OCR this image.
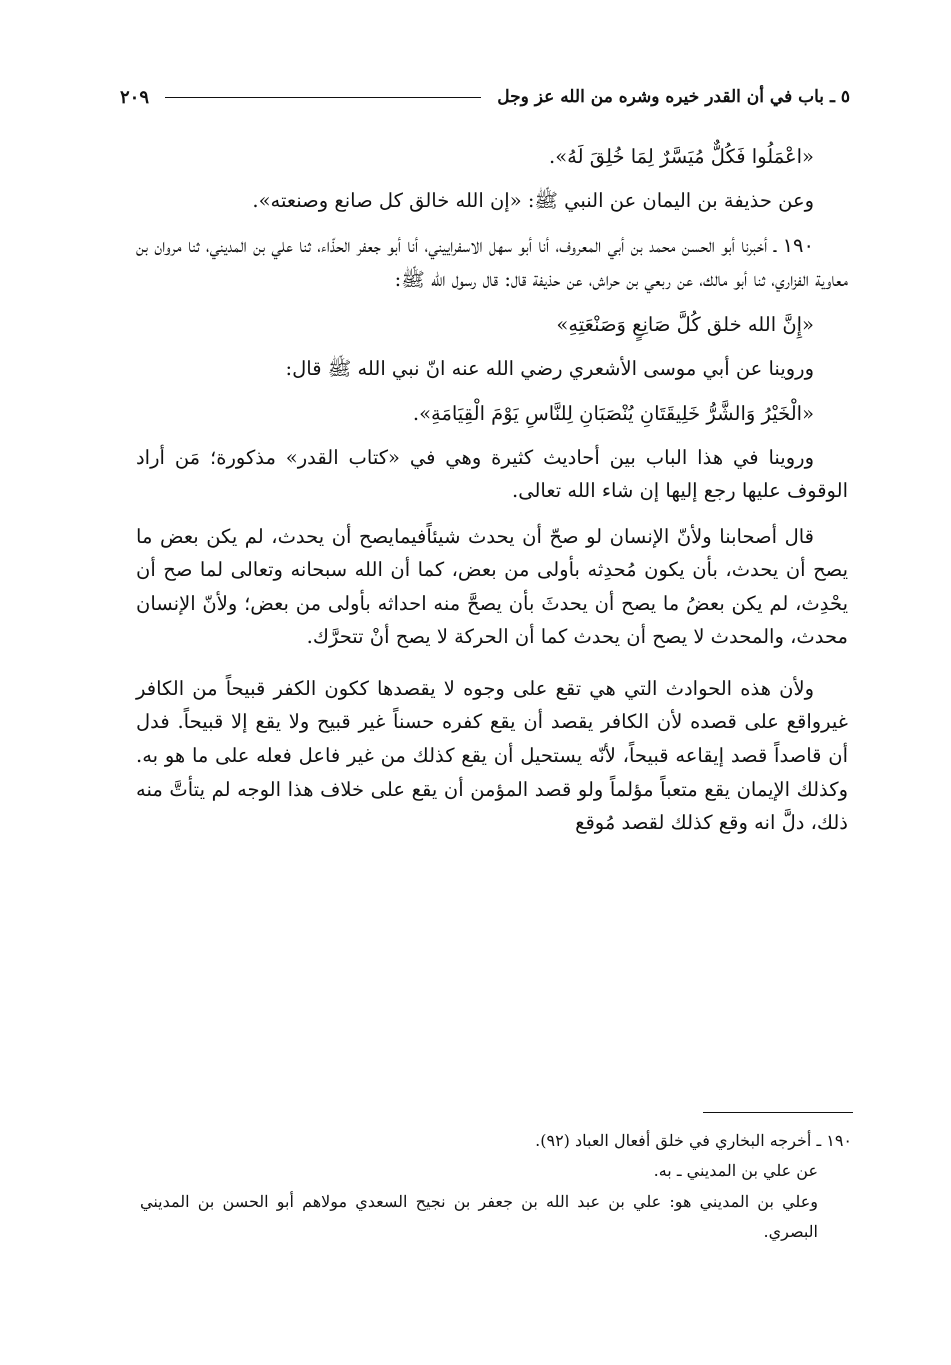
٥ ـ باب في أن القدر خيره وشره من الله عز وجل
٢٠٩

«اعْمَلُوا فَكُلٌّ مُيَسَّرٌ لِمَا خُلِقَ لَهُ».

وعن حذيفة بن اليمان عن النبي ﷺ: «إن الله خالق كل صانع وصنعته».

١٩٠ ـ أخبرنا أبو الحسن محمد بن أبي المعروف، أنا أبو سهل الاسفراييني، أنا أبو جعفر الحذّاء، ثنا علي بن المديني، ثنا مروان بن معاوية الفزاري، ثنا أبو مالك، عن ربعي بن حراش، عن حذيفة قال: قال رسول الله ﷺ:

«إِنَّ الله خلق كُلَّ صَانِعٍ وَصَنْعَتِهِ»

وروينا عن أبي موسى الأشعري رضي الله عنه انّ نبي الله ﷺ قال:

«الْخَيْرُ وَالشَّرُّ خَلِيقَتَانِ يُنْصَبَانِ لِلنَّاسِ يَوْمَ الْقِيَامَةِ».

وروينا في هذا الباب بين أحاديث كثيرة وهي في «كتاب القدر» مذكورة؛ مَن أراد الوقوف عليها رجع إليها إن شاء الله تعالى.

قال أصحابنا ولأنّ الإنسان لو صحّ أن يحدث شيئاًفيمايصح أن يحدث، لم يكن بعض ما يصح أن يحدث، بأن يكون مُحدِثه بأولى من بعض، كما أن الله سبحانه وتعالى لما صح أن يحْدِث، لم يكن بعضُ ما يصح أن يحدثَ بأن يصحَّ منه احداثه بأولى من بعض؛ ولأنّ الإنسان محدث، والمحدث لا يصح أن يحدث كما أن الحركة لا يصح أنْ تتحرَّك.

ولأن هذه الحوادث التي هي تقع على وجوه لا يقصدها ككون الكفر قبيحاً من الكافر غيرواقع على قصده لأن الكافر يقصد أن يقع كفره حسناً غير قبيح ولا يقع إلا قبيحاً. فدل أن قاصداً قصد إيقاعه قبيحاً، لأنّه يستحيل أن يقع كذلك من غير فاعل فعله على ما هو به. وكذلك الإيمان يقع متعباً مؤلماً ولو قصد المؤمن أن يقع على خلاف هذا الوجه لم يتأتَّ منه ذلك، دلَّ انه وقع كذلك لقصد مُوقع

١٩٠ ـ أخرجه البخاري في خلق أفعال العباد (٩٢).

عن علي بن المديني ـ به.

وعلي بن المديني هو: علي بن عبد الله بن جعفر بن نجيح السعدي مولاهم أبو الحسن بن المديني البصري.
